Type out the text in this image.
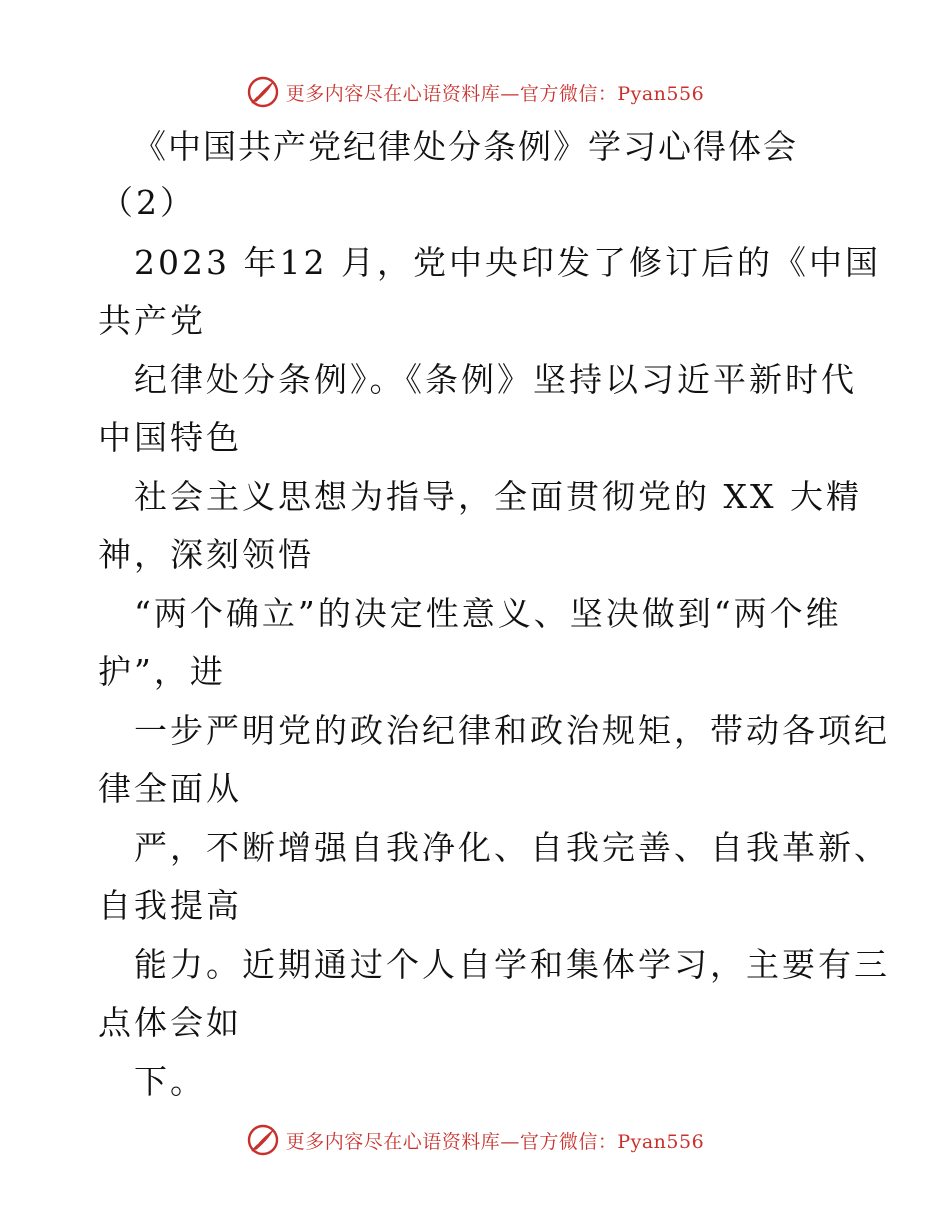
更多内容尽在心语资料库—官方微信：Pyan556
《中国共产党纪律处分条例》学习心得体会
（2）
2023 年12 月，党中央印发了修订后的《中国
共产党
纪律处分条例》。《条例》坚持以习近平新时代
中国特色
社会主义思想为指导，全面贯彻党的 XX 大精
神，深刻领悟
“两个确立”的决定性意义、坚决做到“两个维
护”，进
一步严明党的政治纪律和政治规矩，带动各项纪
律全面从
严，不断增强自我净化、自我完善、自我革新、
自我提高
能力。近期通过个人自学和集体学习，主要有三
点体会如
下。
更多内容尽在心语资料库—官方微信：Pyan556
